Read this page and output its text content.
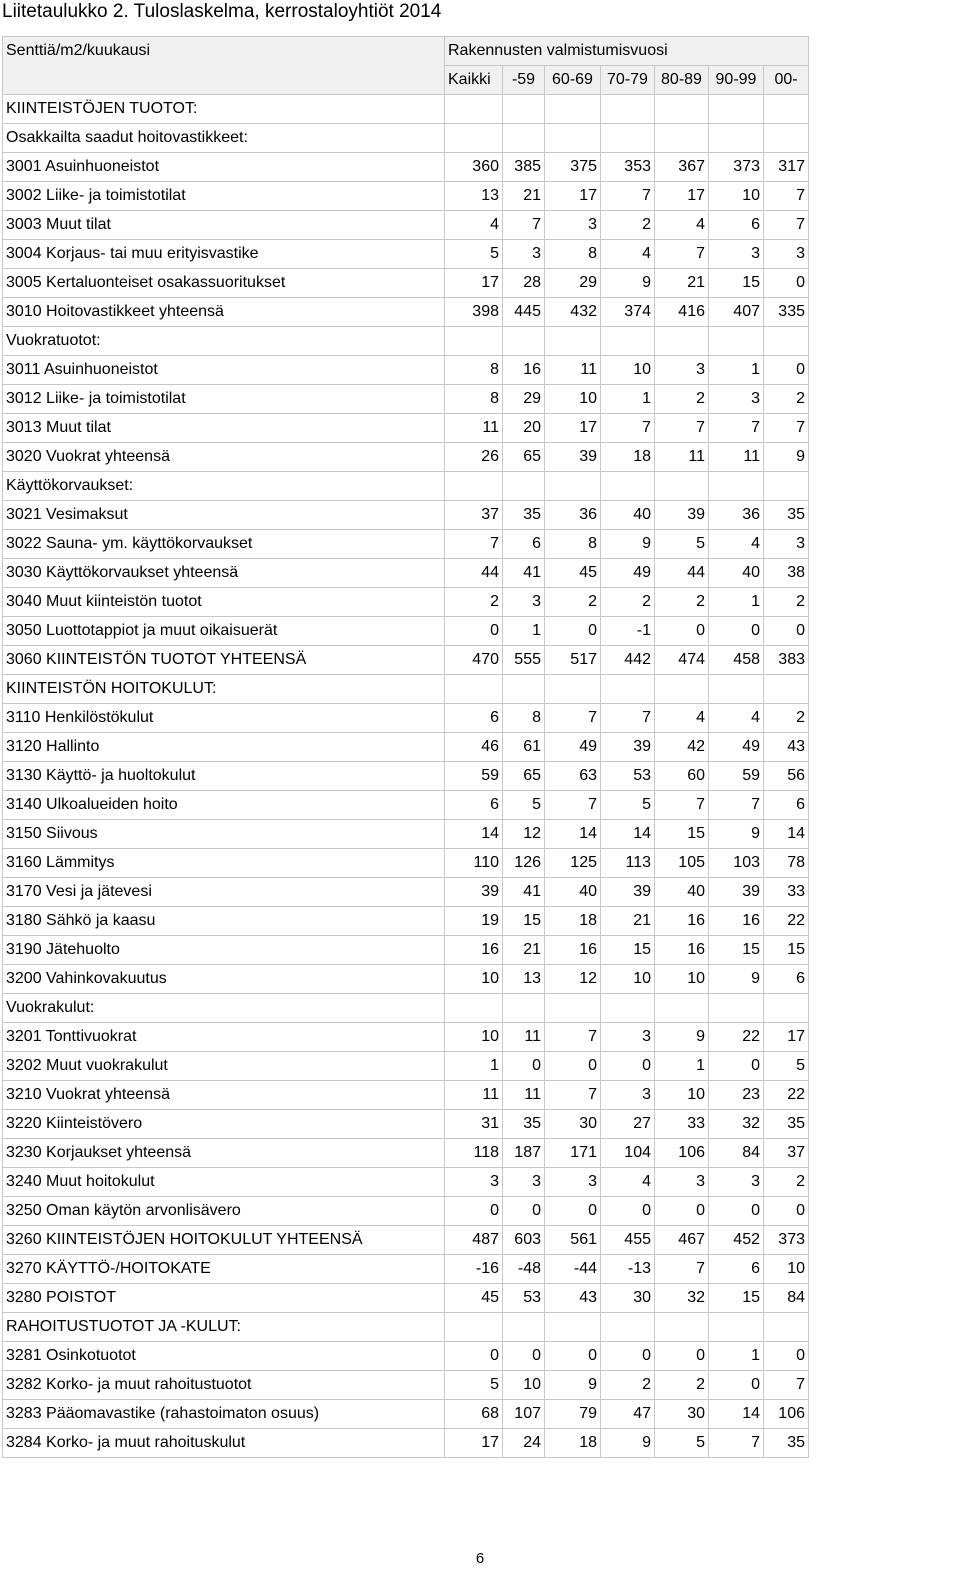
Liitetaulukko 2. Tuloslaskelma, kerrostaloyhtiöt 2014
Senttiä/m2/kuukausi	Rakennusten valmistumisvuosi						
	Kaikki	-59	60-69	70-79	80-89	90-99	00-
KIINTEISTÖJEN TUOTOT:							
Osakkailta saadut hoitovastikkeet:							
3001 Asuinhuoneistot	360	385	375	353	367	373	317
3002 Liike- ja toimistotilat	13	21	17	7	17	10	7
3003 Muut tilat	4	7	3	2	4	6	7
3004 Korjaus- tai muu erityisvastike	5	3	8	4	7	3	3
3005 Kertaluonteiset osakassuoritukset	17	28	29	9	21	15	0
3010 Hoitovastikkeet yhteensä	398	445	432	374	416	407	335
Vuokratuotot:							
3011 Asuinhuoneistot	8	16	11	10	3	1	0
3012 Liike- ja toimistotilat	8	29	10	1	2	3	2
3013 Muut tilat	11	20	17	7	7	7	7
3020 Vuokrat yhteensä	26	65	39	18	11	11	9
Käyttökorvaukset:							
3021 Vesimaksut	37	35	36	40	39	36	35
3022 Sauna- ym. käyttökorvaukset	7	6	8	9	5	4	3
3030 Käyttökorvaukset yhteensä	44	41	45	49	44	40	38
3040 Muut kiinteistön tuotot	2	3	2	2	2	1	2
3050 Luottotappiot ja muut oikaisuerät	0	1	0	-1	0	0	0
3060 KIINTEISTÖN TUOTOT YHTEENSÄ	470	555	517	442	474	458	383
KIINTEISTÖN HOITOKULUT:							
3110 Henkilöstökulut	6	8	7	7	4	4	2
3120 Hallinto	46	61	49	39	42	49	43
3130 Käyttö- ja huoltokulut	59	65	63	53	60	59	56
3140 Ulkoalueiden hoito	6	5	7	5	7	7	6
3150 Siivous	14	12	14	14	15	9	14
3160 Lämmitys	110	126	125	113	105	103	78
3170 Vesi ja jätevesi	39	41	40	39	40	39	33
3180 Sähkö ja kaasu	19	15	18	21	16	16	22
3190 Jätehuolto	16	21	16	15	16	15	15
3200 Vahinkovakuutus	10	13	12	10	10	9	6
Vuokrakulut:							
3201 Tonttivuokrat	10	11	7	3	9	22	17
3202 Muut vuokrakulut	1	0	0	0	1	0	5
3210 Vuokrat yhteensä	11	11	7	3	10	23	22
3220 Kiinteistövero	31	35	30	27	33	32	35
3230 Korjaukset yhteensä	118	187	171	104	106	84	37
3240 Muut hoitokulut	3	3	3	4	3	3	2
3250 Oman käytön arvonlisävero	0	0	0	0	0	0	0
3260 KIINTEISTÖJEN HOITOKULUT YHTEENSÄ	487	603	561	455	467	452	373
3270 KÄYTTÖ-/HOITOKATE	-16	-48	-44	-13	7	6	10
3280 POISTOT	45	53	43	30	32	15	84
RAHOITUSTUOTOT JA -KULUT:							
3281 Osinkotuotot	0	0	0	0	0	1	0
3282 Korko- ja muut rahoitustuotot	5	10	9	2	2	0	7
3283 Pääomavastike (rahastoimaton osuus)	68	107	79	47	30	14	106
3284 Korko- ja muut rahoituskulut	17	24	18	9	5	7	35
6
